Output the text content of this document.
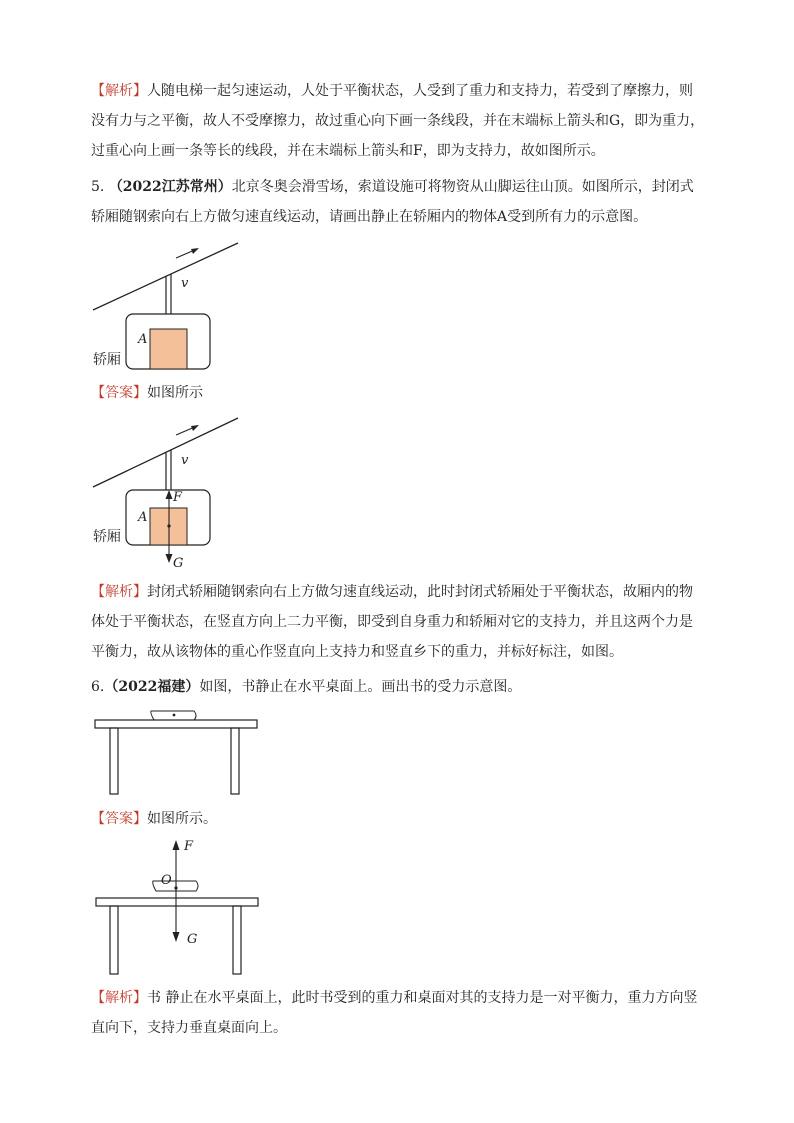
【解析】人随电梯一起匀速运动，人处于平衡状态，人受到了重力和支持力，若受到了摩擦力，则没有力与之平衡，故人不受摩擦力，故过重心向下画一条线段，并在末端标上箭头和G，即为重力，过重心向上画一条等长的线段，并在末端标上箭头和F，即为支持力，故如图所示。

5. （2022江苏常州）北京冬奥会滑雪场，索道设施可将物资从山脚运往山顶。如图所示，封闭式轿厢随钢索向右上方做匀速直线运动，请画出静止在轿厢内的物体A受到所有力的示意图。

v
A
轿厢

【答案】如图所示

v
A
轿厢
F
G

【解析】封闭式轿厢随钢索向右上方做匀速直线运动，此时封闭式轿厢处于平衡状态，故厢内的物体处于平衡状态，在竖直方向上二力平衡，即受到自身重力和轿厢对它的支持力，并且这两个力是平衡力，故从该物体的重心作竖直向上支持力和竖直乡下的重力，并标好标注，如图。

6.（2022福建）如图，书静止在水平桌面上。画出书的受力示意图。

【答案】如图所示。

O
F
G

【解析】书 静止在水平桌面上，此时书受到的重力和桌面对其的支持力是一对平衡力，重力方向竖直向下，支持力垂直桌面向上。
